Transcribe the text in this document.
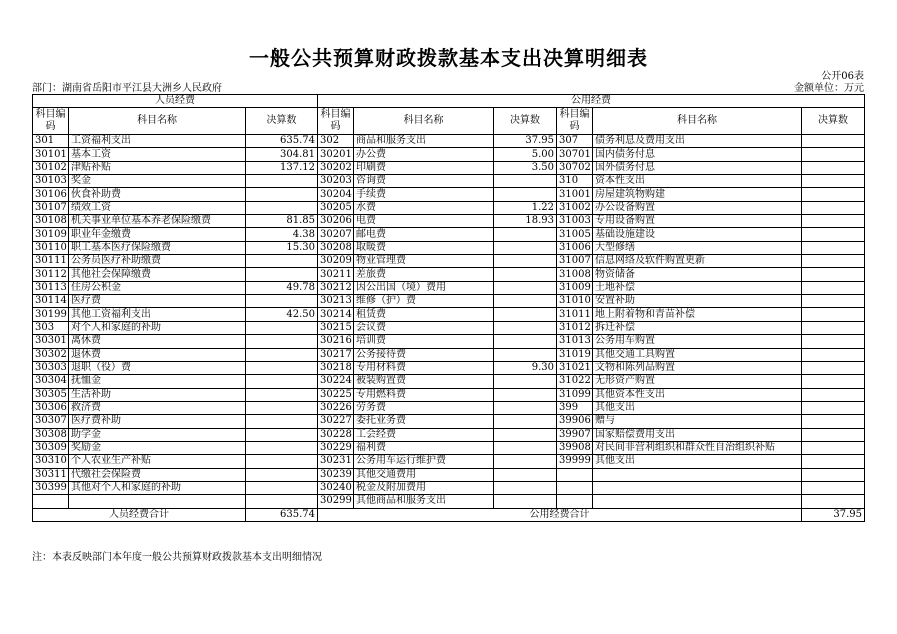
一般公共预算财政拨款基本支出决算明细表
公开06表
部门：湖南省岳阳市平江县大洲乡人民政府	金额单位：万元
人员经费			公用经费					
科目编码	科目名称	决算数	科目编码	科目名称	决算数	科目编码	科目名称	决算数
301	工资福利支出	635.74	302	商品和服务支出	37.95	307	债务利息及费用支出	
30101	基本工资	304.81	30201	办公费	5.00	30701	国内债务付息	
30102	津贴补贴	137.12	30202	印刷费	3.50	30702	国外债务付息	
30103	奖金		30203	咨询费		310	资本性支出	
30106	伙食补助费		30204	手续费		31001	房屋建筑物购建	
30107	绩效工资		30205	水费	1.22	31002	办公设备购置	
30108	机关事业单位基本养老保险缴费	81.85	30206	电费	18.93	31003	专用设备购置	
30109	职业年金缴费	4.38	30207	邮电费		31005	基础设施建设	
30110	职工基本医疗保险缴费	15.30	30208	取暖费		31006	大型修缮	
30111	公务员医疗补助缴费		30209	物业管理费		31007	信息网络及软件购置更新	
30112	其他社会保障缴费		30211	差旅费		31008	物资储备	
30113	住房公积金	49.78	30212	因公出国（境）费用		31009	土地补偿	
30114	医疗费		30213	维修（护）费		31010	安置补助	
30199	其他工资福利支出	42.50	30214	租赁费		31011	地上附着物和青苗补偿	
303	对个人和家庭的补助		30215	会议费		31012	拆迁补偿	
30301	离休费		30216	培训费		31013	公务用车购置	
30302	退休费		30217	公务接待费		31019	其他交通工具购置	
30303	退职（役）费		30218	专用材料费	9.30	31021	文物和陈列品购置	
30304	抚恤金		30224	被装购置费		31022	无形资产购置	
30305	生活补助		30225	专用燃料费		31099	其他资本性支出	
30306	救济费		30226	劳务费		399	其他支出	
30307	医疗费补助		30227	委托业务费		39906	赠与	
30308	助学金		30228	工会经费		39907	国家赔偿费用支出	
30309	奖励金		30229	福利费		39908	对民间非营利组织和群众性自治组织补贴	
30310	个人农业生产补贴		30231	公务用车运行维护费		39999	其他支出	
30311	代缴社会保险费		30239	其他交通费用				
30399	其他对个人和家庭的补助		30240	税金及附加费用				
			30299	其他商品和服务支出				
人员经费合计		635.74	公用经费合计					37.95
注：本表反映部门本年度一般公共预算财政拨款基本支出明细情况
